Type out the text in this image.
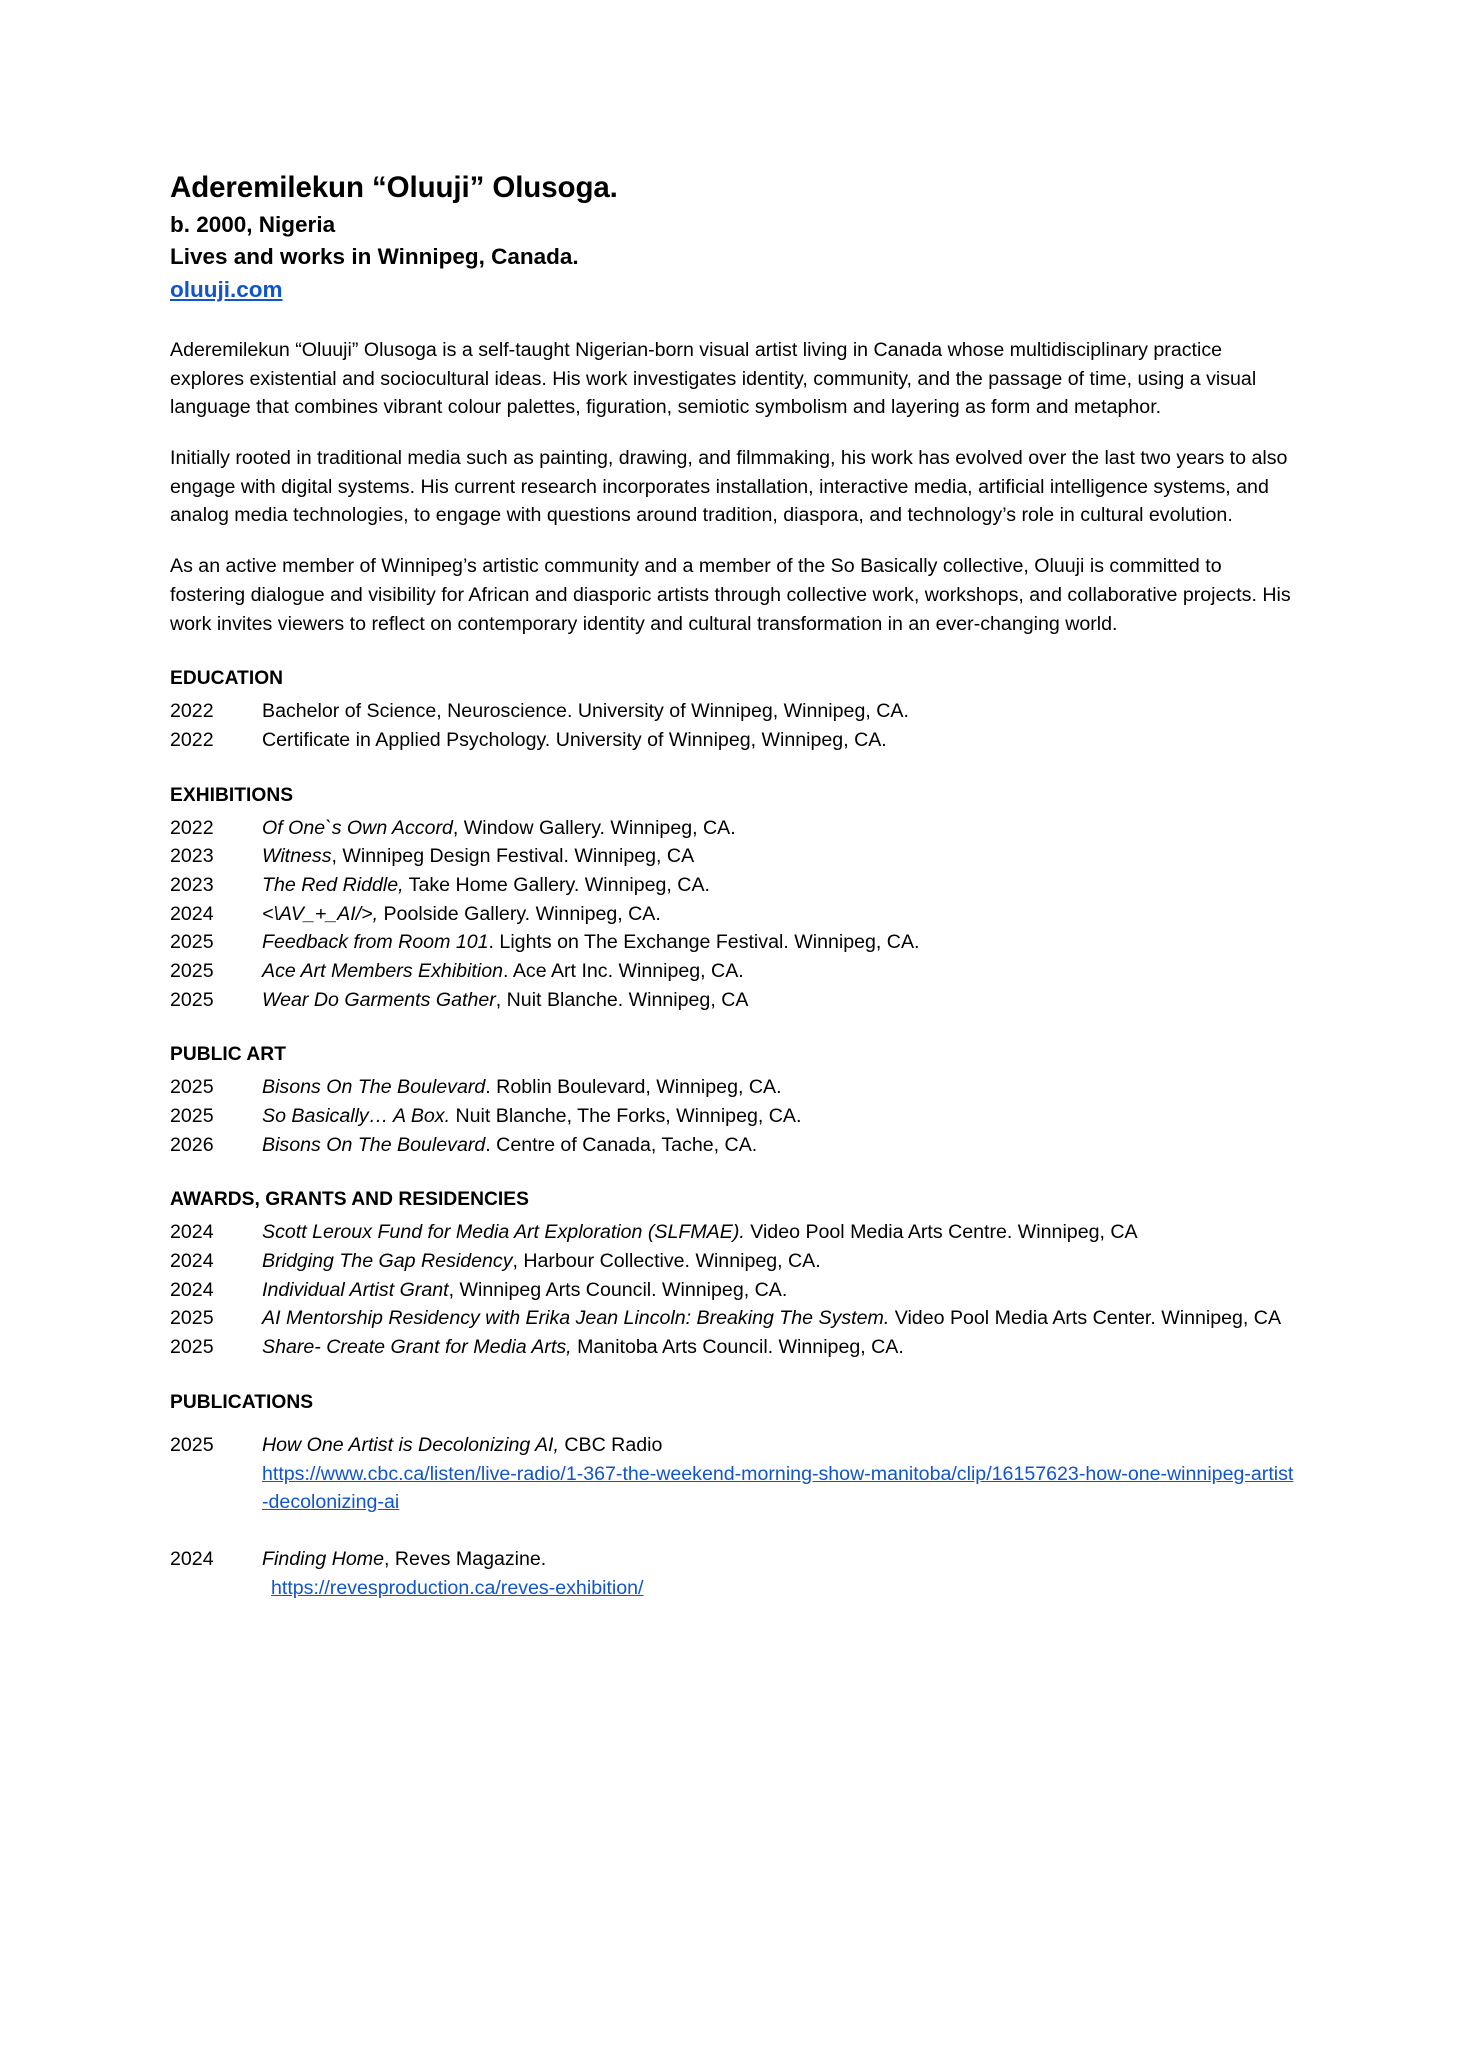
Aderemilekun “Oluuji” Olusoga.
b. 2000, Nigeria
Lives and works in Winnipeg, Canada.
oluuji.com

Aderemilekun “Oluuji” Olusoga is a self-taught Nigerian-born visual artist living in Canada whose multidisciplinary practice explores existential and sociocultural ideas. His work investigates identity, community, and the passage of time, using a visual language that combines vibrant colour palettes, figuration, semiotic symbolism and layering as form and metaphor.

Initially rooted in traditional media such as painting, drawing, and filmmaking, his work has evolved over the last two years to also engage with digital systems. His current research incorporates installation, interactive media, artificial intelligence systems, and analog media technologies, to engage with questions around tradition, diaspora, and technology’s role in cultural evolution.

As an active member of Winnipeg’s artistic community and a member of the So Basically collective, Oluuji is committed to fostering dialogue and visibility for African and diasporic artists through collective work, workshops, and collaborative projects. His work invites viewers to reflect on contemporary identity and cultural transformation in an ever-changing world.

EDUCATION
2022	Bachelor of Science, Neuroscience. University of Winnipeg, Winnipeg, CA.
2022	Certificate in Applied Psychology. University of Winnipeg, Winnipeg, CA.
EXHIBITIONS
2022	Of One`s Own Accord, Window Gallery. Winnipeg, CA.
2023	Witness, Winnipeg Design Festival. Winnipeg, CA
2023	The Red Riddle, Take Home Gallery. Winnipeg, CA.
2024	<\AV_+_AI/>, Poolside Gallery. Winnipeg, CA.
2025	Feedback from Room 101. Lights on The Exchange Festival. Winnipeg, CA.
2025	Ace Art Members Exhibition. Ace Art Inc. Winnipeg, CA.
2025	Wear Do Garments Gather, Nuit Blanche. Winnipeg, CA
PUBLIC ART
2025	Bisons On The Boulevard. Roblin Boulevard, Winnipeg, CA.
2025	So Basically… A Box. Nuit Blanche, The Forks, Winnipeg, CA.
2026	Bisons On The Boulevard. Centre of Canada, Tache, CA.
AWARDS, GRANTS AND RESIDENCIES
2024	Scott Leroux Fund for Media Art Exploration (SLFMAE). Video Pool Media Arts Centre. Winnipeg, CA
2024	Bridging The Gap Residency, Harbour Collective. Winnipeg, CA.
2024	Individual Artist Grant, Winnipeg Arts Council. Winnipeg, CA.
2025	AI Mentorship Residency with Erika Jean Lincoln: Breaking The System. Video Pool Media Arts Center. Winnipeg, CA
2025	Share- Create Grant for Media Arts, Manitoba Arts Council. Winnipeg, CA.
PUBLICATIONS
2025	How One Artist is Decolonizing AI, CBC Radio
https://www.cbc.ca/listen/live-radio/1-367-the-weekend-morning-show-manitoba/clip/16157623-how-one-winnipeg-artist-decolonizing-ai
2024	Finding Home, Reves Magazine.
https://revesproduction.ca/reves-exhibition/
